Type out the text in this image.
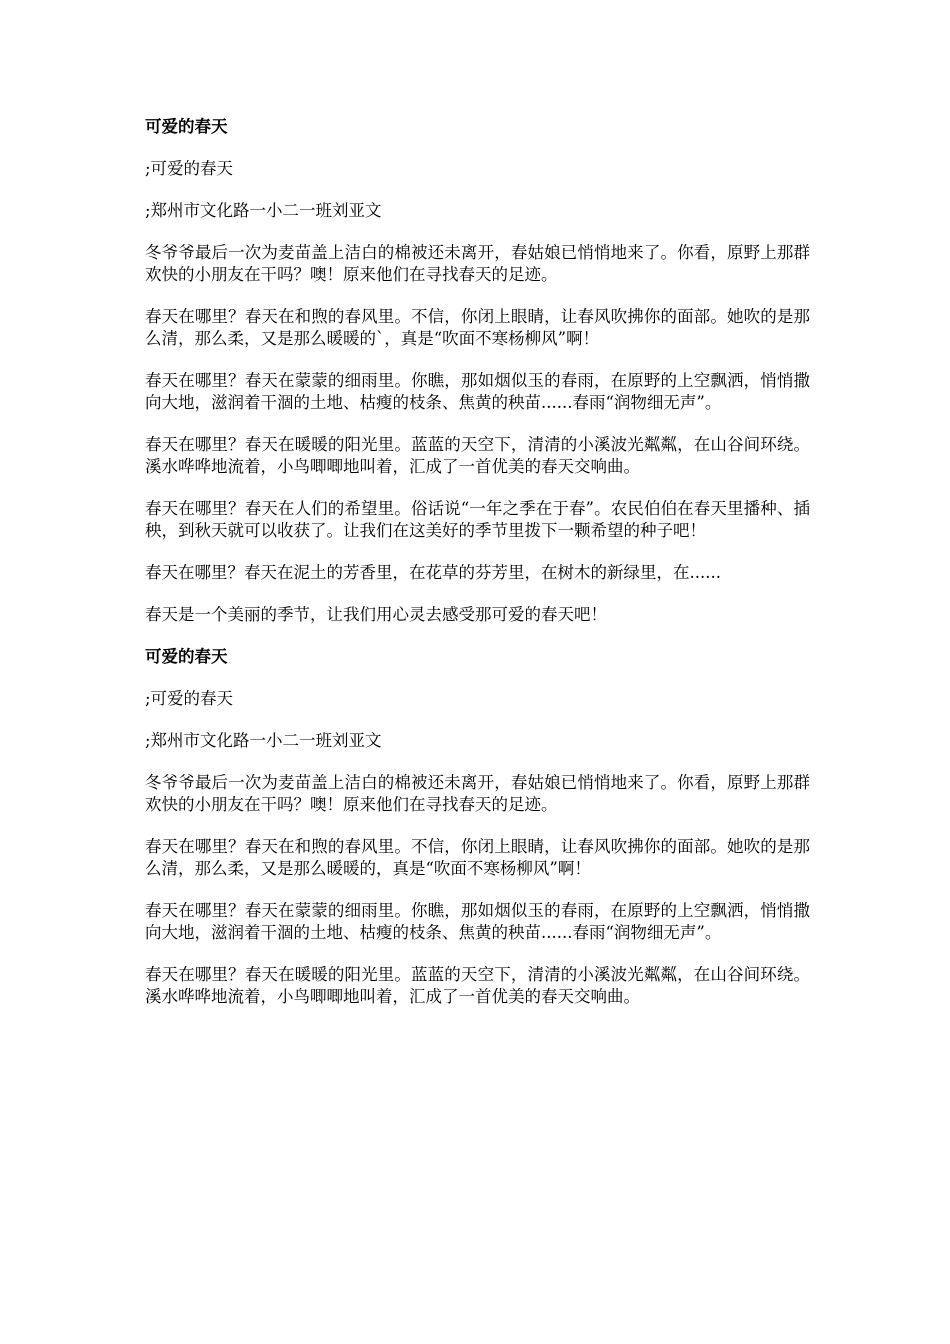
可爱的春天

;可爱的春天

;郑州市文化路一小二一班刘亚文

冬爷爷最后一次为麦苗盖上洁白的棉被还未离开，春姑娘已悄悄地来了。你看，原野上那群欢快的小朋友在干吗？噢！原来他们在寻找春天的足迹。

春天在哪里？春天在和煦的春风里。不信，你闭上眼睛，让春风吹拂你的面部。她吹的是那么清，那么柔，又是那么暖暖的`，真是“吹面不寒杨柳风”啊！

春天在哪里？春天在蒙蒙的细雨里。你瞧，那如烟似玉的春雨，在原野的上空飘洒，悄悄撒向大地，滋润着干涸的土地、枯瘦的枝条、焦黄的秧苗......春雨“润物细无声”。

春天在哪里？春天在暖暖的阳光里。蓝蓝的天空下，清清的小溪波光粼粼，在山谷间环绕。溪水哗哗地流着，小鸟唧唧地叫着，汇成了一首优美的春天交响曲。

春天在哪里？春天在人们的希望里。俗话说“一年之季在于春”。农民伯伯在春天里播种、插秧，到秋天就可以收获了。让我们在这美好的季节里拨下一颗希望的种子吧！

春天在哪里？春天在泥土的芳香里，在花草的芬芳里，在树木的新绿里，在......

春天是一个美丽的季节，让我们用心灵去感受那可爱的春天吧！

可爱的春天

;可爱的春天

;郑州市文化路一小二一班刘亚文

冬爷爷最后一次为麦苗盖上洁白的棉被还未离开，春姑娘已悄悄地来了。你看，原野上那群欢快的小朋友在干吗？噢！原来他们在寻找春天的足迹。

春天在哪里？春天在和煦的春风里。不信，你闭上眼睛，让春风吹拂你的面部。她吹的是那么清，那么柔，又是那么暖暖的，真是“吹面不寒杨柳风”啊！

春天在哪里？春天在蒙蒙的细雨里。你瞧，那如烟似玉的春雨，在原野的上空飘洒，悄悄撒向大地，滋润着干涸的土地、枯瘦的枝条、焦黄的秧苗......春雨“润物细无声”。

春天在哪里？春天在暖暖的阳光里。蓝蓝的天空下，清清的小溪波光粼粼，在山谷间环绕。溪水哗哗地流着，小鸟唧唧地叫着，汇成了一首优美的春天交响曲。
